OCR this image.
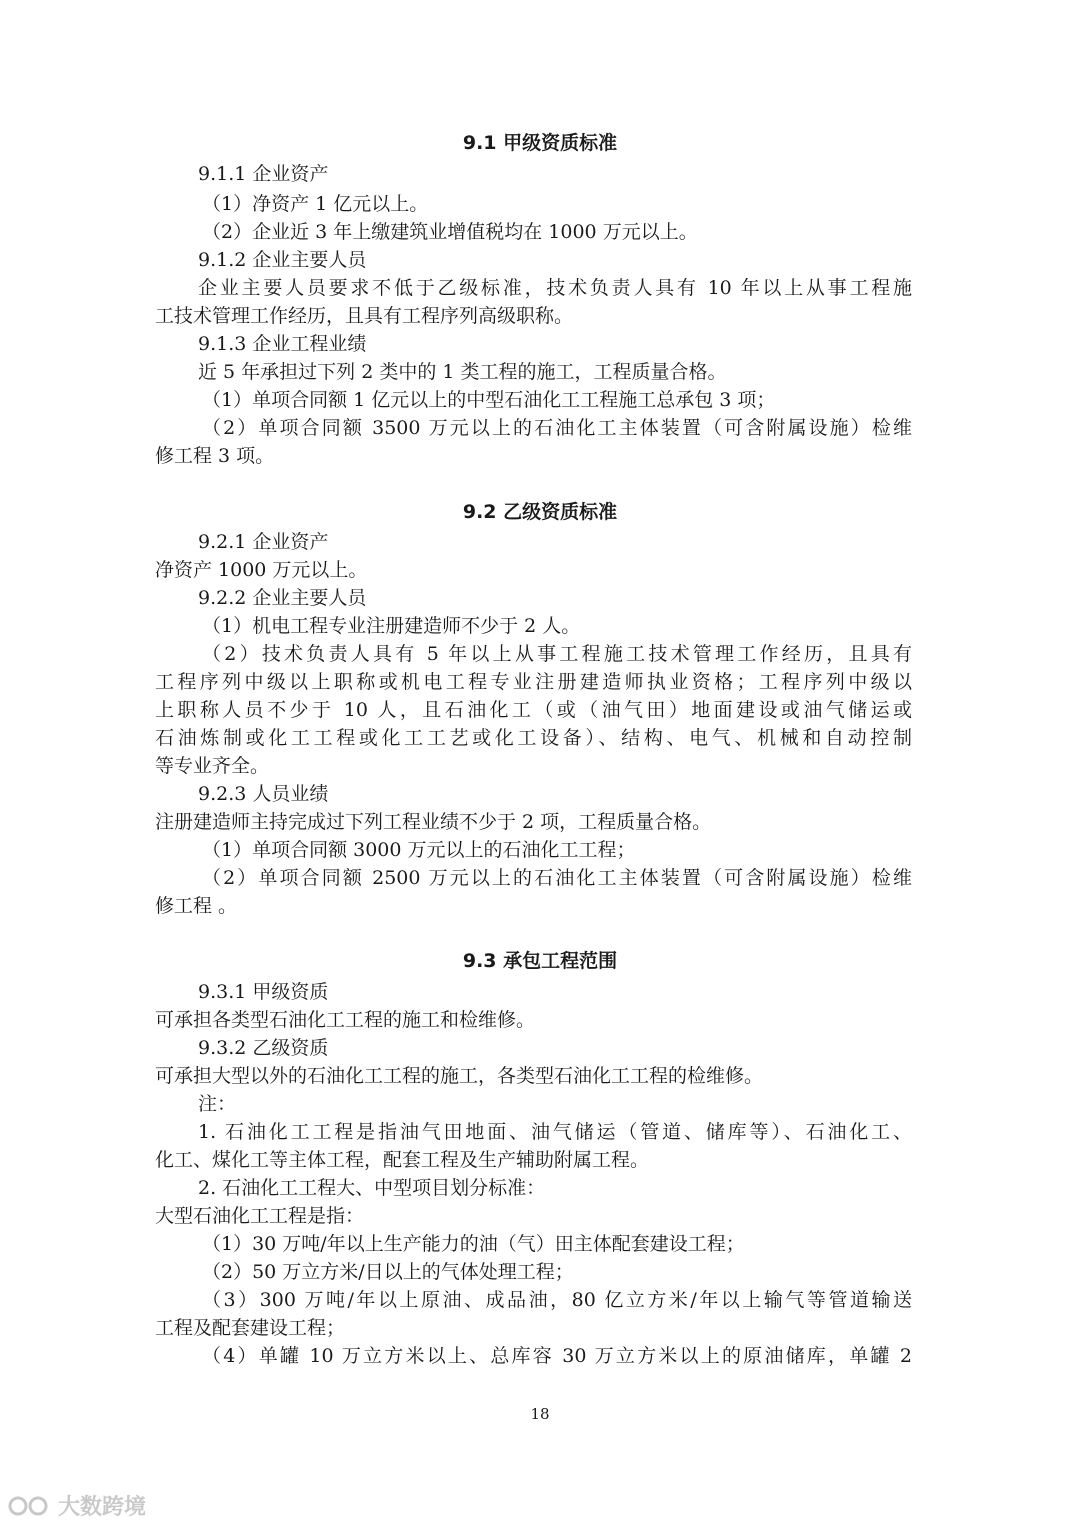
9.1 甲级资质标准
9.1.1 企业资产
（1）净资产 1 亿元以上。
（2）企业近 3 年上缴建筑业增值税均在 1000 万元以上。
9.1.2 企业主要人员
企业主要人员要求不低于乙级标准，技术负责人具有 10 年以上从事工程施
工技术管理工作经历，且具有工程序列高级职称。
9.1.3 企业工程业绩
近 5 年承担过下列 2 类中的 1 类工程的施工，工程质量合格。
（1）单项合同额 1 亿元以上的中型石油化工工程施工总承包 3 项；
（2）单项合同额 3500 万元以上的石油化工主体装置（可含附属设施）检维
修工程 3 项。
9.2 乙级资质标准
9.2.1 企业资产
净资产 1000 万元以上。
9.2.2 企业主要人员
（1）机电工程专业注册建造师不少于 2 人。
（2）技术负责人具有 5 年以上从事工程施工技术管理工作经历，且具有
工程序列中级以上职称或机电工程专业注册建造师执业资格；工程序列中级以
上职称人员不少于 10 人，且石油化工（或（油气田）地面建设或油气储运或
石油炼制或化工工程或化工工艺或化工设备）、结构、电气、机械和自动控制
等专业齐全。
9.2.3 人员业绩
注册建造师主持完成过下列工程业绩不少于 2 项，工程质量合格。
（1）单项合同额 3000 万元以上的石油化工工程；
（2）单项合同额 2500 万元以上的石油化工主体装置（可含附属设施）检维
修工程 。
9.3 承包工程范围
9.3.1 甲级资质
可承担各类型石油化工工程的施工和检维修。
9.3.2 乙级资质
可承担大型以外的石油化工工程的施工，各类型石油化工工程的检维修。
注：
1. 石油化工工程是指油气田地面、油气储运（管道、储库等）、石油化工、
化工、煤化工等主体工程，配套工程及生产辅助附属工程。
2. 石油化工工程大、中型项目划分标准：
大型石油化工工程是指：
（1）30 万吨/年以上生产能力的油（气）田主体配套建设工程；
（2）50 万立方米/日以上的气体处理工程；
（3）300 万吨/年以上原油、成品油，80 亿立方米/年以上输气等管道输送
工程及配套建设工程；
（4）单罐 10 万立方米以上、总库容 30 万立方米以上的原油储库，单罐 2
18
大数跨境
